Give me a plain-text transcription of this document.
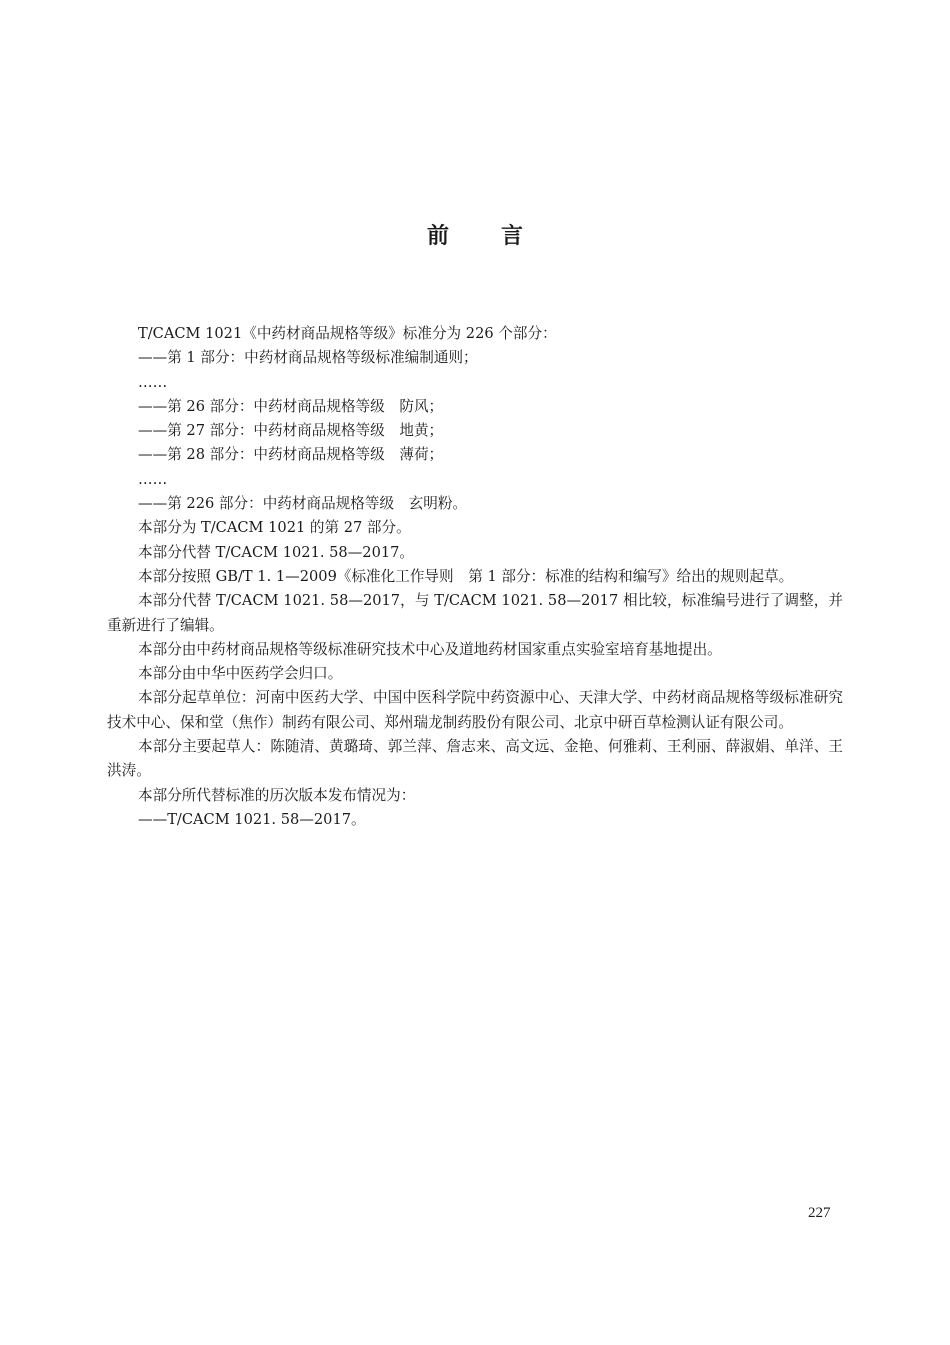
前 言

T/CACM 1021《中药材商品规格等级》标准分为 226 个部分：

——第 1 部分：中药材商品规格等级标准编制通则；

……

——第 26 部分：中药材商品规格等级　防风；

——第 27 部分：中药材商品规格等级　地黄；

——第 28 部分：中药材商品规格等级　薄荷；

……

——第 226 部分：中药材商品规格等级　玄明粉。

本部分为 T/CACM 1021 的第 27 部分。

本部分代替 T/CACM 1021. 58—2017。

本部分按照 GB/T 1. 1—2009《标准化工作导则　第 1 部分：标准的结构和编写》给出的规则起草。

本部分代替 T/CACM 1021. 58—2017，与 T/CACM 1021. 58—2017 相比较，标准编号进行了调整，并重新进行了编辑。

本部分由中药材商品规格等级标准研究技术中心及道地药材国家重点实验室培育基地提出。

本部分由中华中医药学会归口。

本部分起草单位：河南中医药大学、中国中医科学院中药资源中心、天津大学、中药材商品规格等级标准研究技术中心、保和堂（焦作）制药有限公司、郑州瑞龙制药股份有限公司、北京中研百草检测认证有限公司。

本部分主要起草人：陈随清、黄璐琦、郭兰萍、詹志来、高文远、金艳、何雅莉、王利丽、薛淑娟、单洋、王洪涛。

本部分所代替标准的历次版本发布情况为：

——T/CACM 1021. 58—2017。

227
